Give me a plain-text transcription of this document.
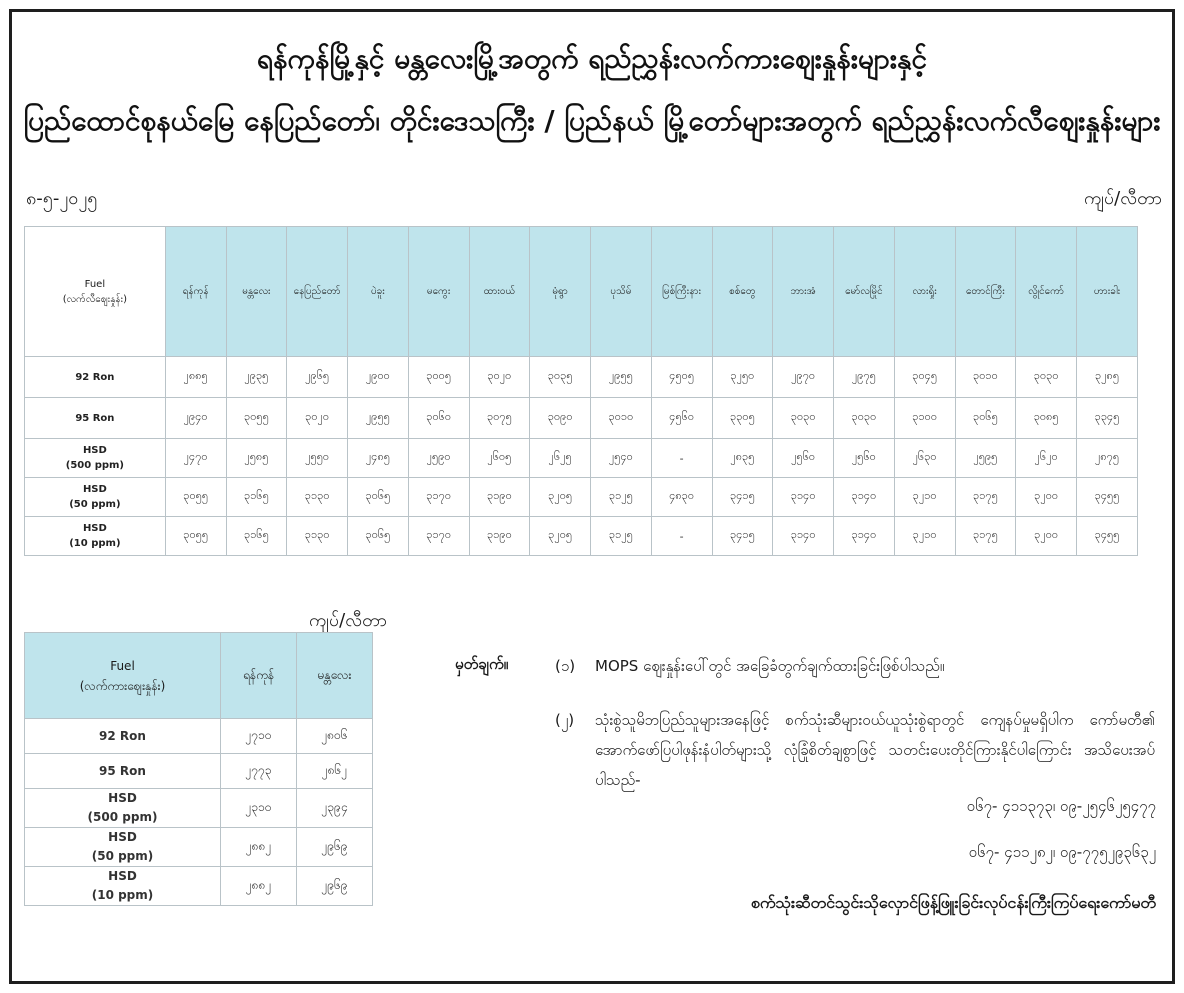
ရန်ကုန်မြို့နှင့် မန္တလေးမြို့အတွက် ရည်ညွှန်းလက်ကားဈေးနှုန်းများနှင့်
ပြည်ထောင်စုနယ်မြေ နေပြည်တော်၊ တိုင်းဒေသကြီး / ပြည်နယ် မြို့တော်များအတွက် ရည်ညွှန်းလက်လီဈေးနှုန်းများ
၈-၅-၂၀၂၅	ကျပ်/လီတာ
Fuel
(လက်လီဈေးနှုန်း)	ရန်ကုန်	မန္တလေး	နေပြည်တော်	ပဲခူး	မကွေး	ထားဝယ်	မုံရွာ	ပုသိမ်	မြစ်ကြီးနား	စစ်တွေ	ဘားအံ	မော်လမြိုင်	လားရှိုး	တောင်ကြီး	လွိုင်ကော်	ဟားခါး

92 Ron	၂၈၈၅	၂၉၃၅	၂၉၆၅	၂၉၀၀	၃၀၀၅	၃၀၂၀	၃၀၃၅	၂၉၅၅	၄၅၀၅	၃၂၅၀	၂၉၇၀	၂၉၇၅	၃၀၄၅	၃၀၁၀	၃၀၃၀	၃၂၈၅

95 Ron	၂၉၄၀	၃၀၅၅	၃၀၂၀	၂၉၅၅	၃၀၆၀	၃၀၇၅	၃၀၉၀	၃၀၁၀	၄၅၆၀	၃၃၀၅	၃၀၃၀	၃၀၃၀	၃၁၀၀	၃၀၆၅	၃၀၈၅	၃၃၄၅

HSD
(500 ppm)	၂၄၇၀	၂၅၈၅	၂၅၅၀	၂၄၈၅	၂၅၉၀	၂၆၀၅	၂၆၂၅	၂၅၄၀	-	၂၈၃၅	၂၅၆၀	၂၅၆၀	၂၆၃၀	၂၅၉၅	၂၆၂၀	၂၈၇၅

HSD
(50 ppm)	၃၀၅၅	၃၁၆၅	၃၁၃၀	၃၀၆၅	၃၁၇၀	၃၁၉၀	၃၂၀၅	၃၁၂၅	၄၈၃၀	၃၄၁၅	၃၁၄၀	၃၁၄၀	၃၂၁၀	၃၁၇၅	၃၂၀၀	၃၄၅၅

HSD
(10 ppm)	၃၀၅၅	၃၁၆၅	၃၁၃၀	၃၀၆၅	၃၁၇၀	၃၁၉၀	၃၂၀၅	၃၁၂၅	-	၃၄၁၅	၃၁၄၀	၃၁၄၀	၃၂၁၀	၃၁၇၅	၃၂၀၀	၃၄၅၅
ကျပ်/လီတာ
Fuel
(လက်ကားဈေးနှုန်း)	ရန်ကုန်	မန္တလေး

92 Ron	၂၇၁၀	၂၈၀၆

95 Ron	၂၇၇၃	၂၈၆၂

HSD
(500 ppm)	၂၃၁၀	၂၃၉၄

HSD
(50 ppm)	၂၈၈၂	၂၉၆၉

HSD
(10 ppm)	၂၈၈၂	၂၉၆၉
မှတ်ချက်။	(၁) MOPS ဈေးနှုန်းပေါ်တွင် အခြေခံတွက်ချက်ထားခြင်းဖြစ်ပါသည်။
(၂) သုံးစွဲသူမိဘပြည်သူများအနေဖြင့် စက်သုံးဆီများဝယ်ယူသုံးစွဲရာတွင် ကျေနပ်မှုမရှိပါက ကော်မတီ၏ အောက်ဖော်ပြပါဖုန်းနံပါတ်များသို့ လုံခြုံစိတ်ချစွာဖြင့် သတင်းပေးတိုင်ကြားနိုင်ပါကြောင်း အသိပေးအပ်ပါသည်-
၀၆၇- ၄၁၁၃၇၃၊ ၀၉-၂၅၄၆၂၅၄၇၇
၀၆၇- ၄၁၁၂၈၂၊ ၀၉-၇၇၅၂၉၃၆၃၂
စက်သုံးဆီတင်သွင်းသိုလှောင်ဖြန့်ဖြူးခြင်းလုပ်ငန်းကြီးကြပ်ရေးကော်မတီ
